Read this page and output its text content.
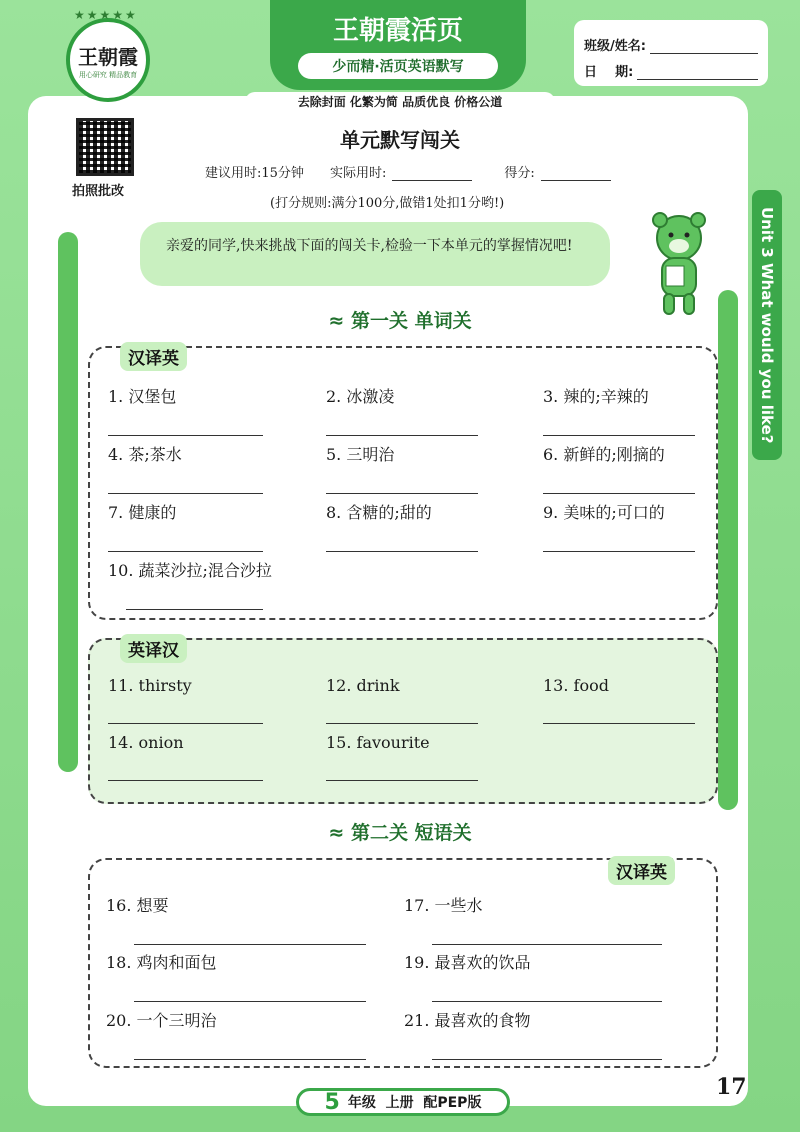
★★★★★
王朝霞
用心研究 精品教育
王朝霞活页
少而精·活页英语默写
去除封面 化繁为简 品质优良 价格公道
班级/姓名:
日    期:
拍照批改
单元默写闯关
建议用时:15分钟 实际用时:	得分:
(打分规则:满分100分,做错1处扣1分哟!)
Unit 3 What would you like?
亲爱的同学,快来挑战下面的闯关卡,检验一下本单元的掌握情况吧!
≈ 第一关 单词关
汉译英
1. 汉堡包	2. 冰激凌	3. 辣的;辛辣的
4. 茶;茶水	5. 三明治	6. 新鲜的;刚摘的
7. 健康的	8. 含糖的;甜的	9. 美味的;可口的
10. 蔬菜沙拉;混合沙拉
英译汉
11. thirsty	12. drink	13. food
14. onion	15. favourite
≈ 第二关 短语关
汉译英
16. 想要	17. 一些水
18. 鸡肉和面包	19. 最喜欢的饮品
20. 一个三明治	21. 最喜欢的食物
5 年级  上册  配PEP版
17
